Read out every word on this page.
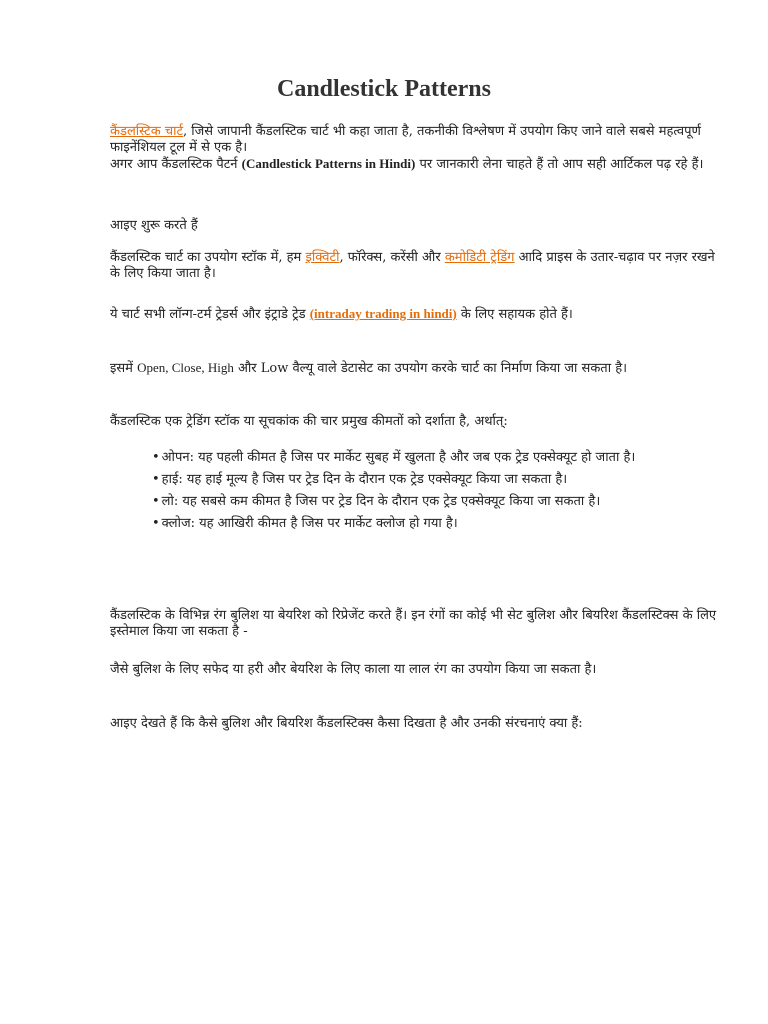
Candlestick Patterns

कैंडलस्टिक चार्ट, जिसे जापानी कैंडलस्टिक चार्ट भी कहा जाता है, तकनीकी विश्लेषण में उपयोग किए जाने वाले सबसे महत्वपूर्ण फाइनेंशियल टूल में से एक है।
अगर आप कैंडलस्टिक पैटर्न (Candlestick Patterns in Hindi) पर जानकारी लेना चाहते हैं तो आप सही आर्टिकल पढ़ रहे हैं।

आइए शुरू करते हैं

कैंडलस्टिक चार्ट का उपयोग स्टॉक में, हम इक्विटी, फॉरेक्स, करेंसी और कमोडिटी ट्रेडिंग आदि प्राइस के उतार-चढ़ाव पर नज़र रखने के लिए किया जाता है।

ये चार्ट सभी लॉन्ग-टर्म ट्रेडर्स और इंट्राडे ट्रेड (intraday trading in hindi) के लिए सहायक होते हैं।

इसमें Open, Close, High और Low वैल्यू वाले डेटासेट का उपयोग करके चार्ट का निर्माण किया जा सकता है।

कैंडलस्टिक एक ट्रेडिंग स्टॉक या सूचकांक की चार प्रमुख कीमतों को दर्शाता है, अर्थात्:

• ओपन: यह पहली कीमत है जिस पर मार्केट सुबह में खुलता है और जब एक ट्रेड एक्सेक्यूट हो जाता है।
• हाई: यह हाई मूल्य है जिस पर ट्रेड दिन के दौरान एक ट्रेड एक्सेक्यूट किया जा सकता है।
• लो: यह सबसे कम कीमत है जिस पर ट्रेड दिन के दौरान एक ट्रेड एक्सेक्यूट किया जा सकता है।
• क्लोज: यह आखिरी कीमत है जिस पर मार्केट क्लोज हो गया है।

कैंडलस्टिक के विभिन्न रंग बुलिश या बेयरिश को रिप्रेजेंट करते हैं। इन रंगों का कोई भी सेट बुलिश और बियरिश कैंडलस्टिक्स के लिए इस्तेमाल किया जा सकता है -

जैसे बुलिश के लिए सफेद या हरी और बेयरिश के लिए काला या लाल रंग का उपयोग किया जा सकता है।

आइए देखते हैं कि कैसे बुलिश और बियरिश कैंडलस्टिक्स कैसा दिखता है और उनकी संरचनाएं क्या हैं:
